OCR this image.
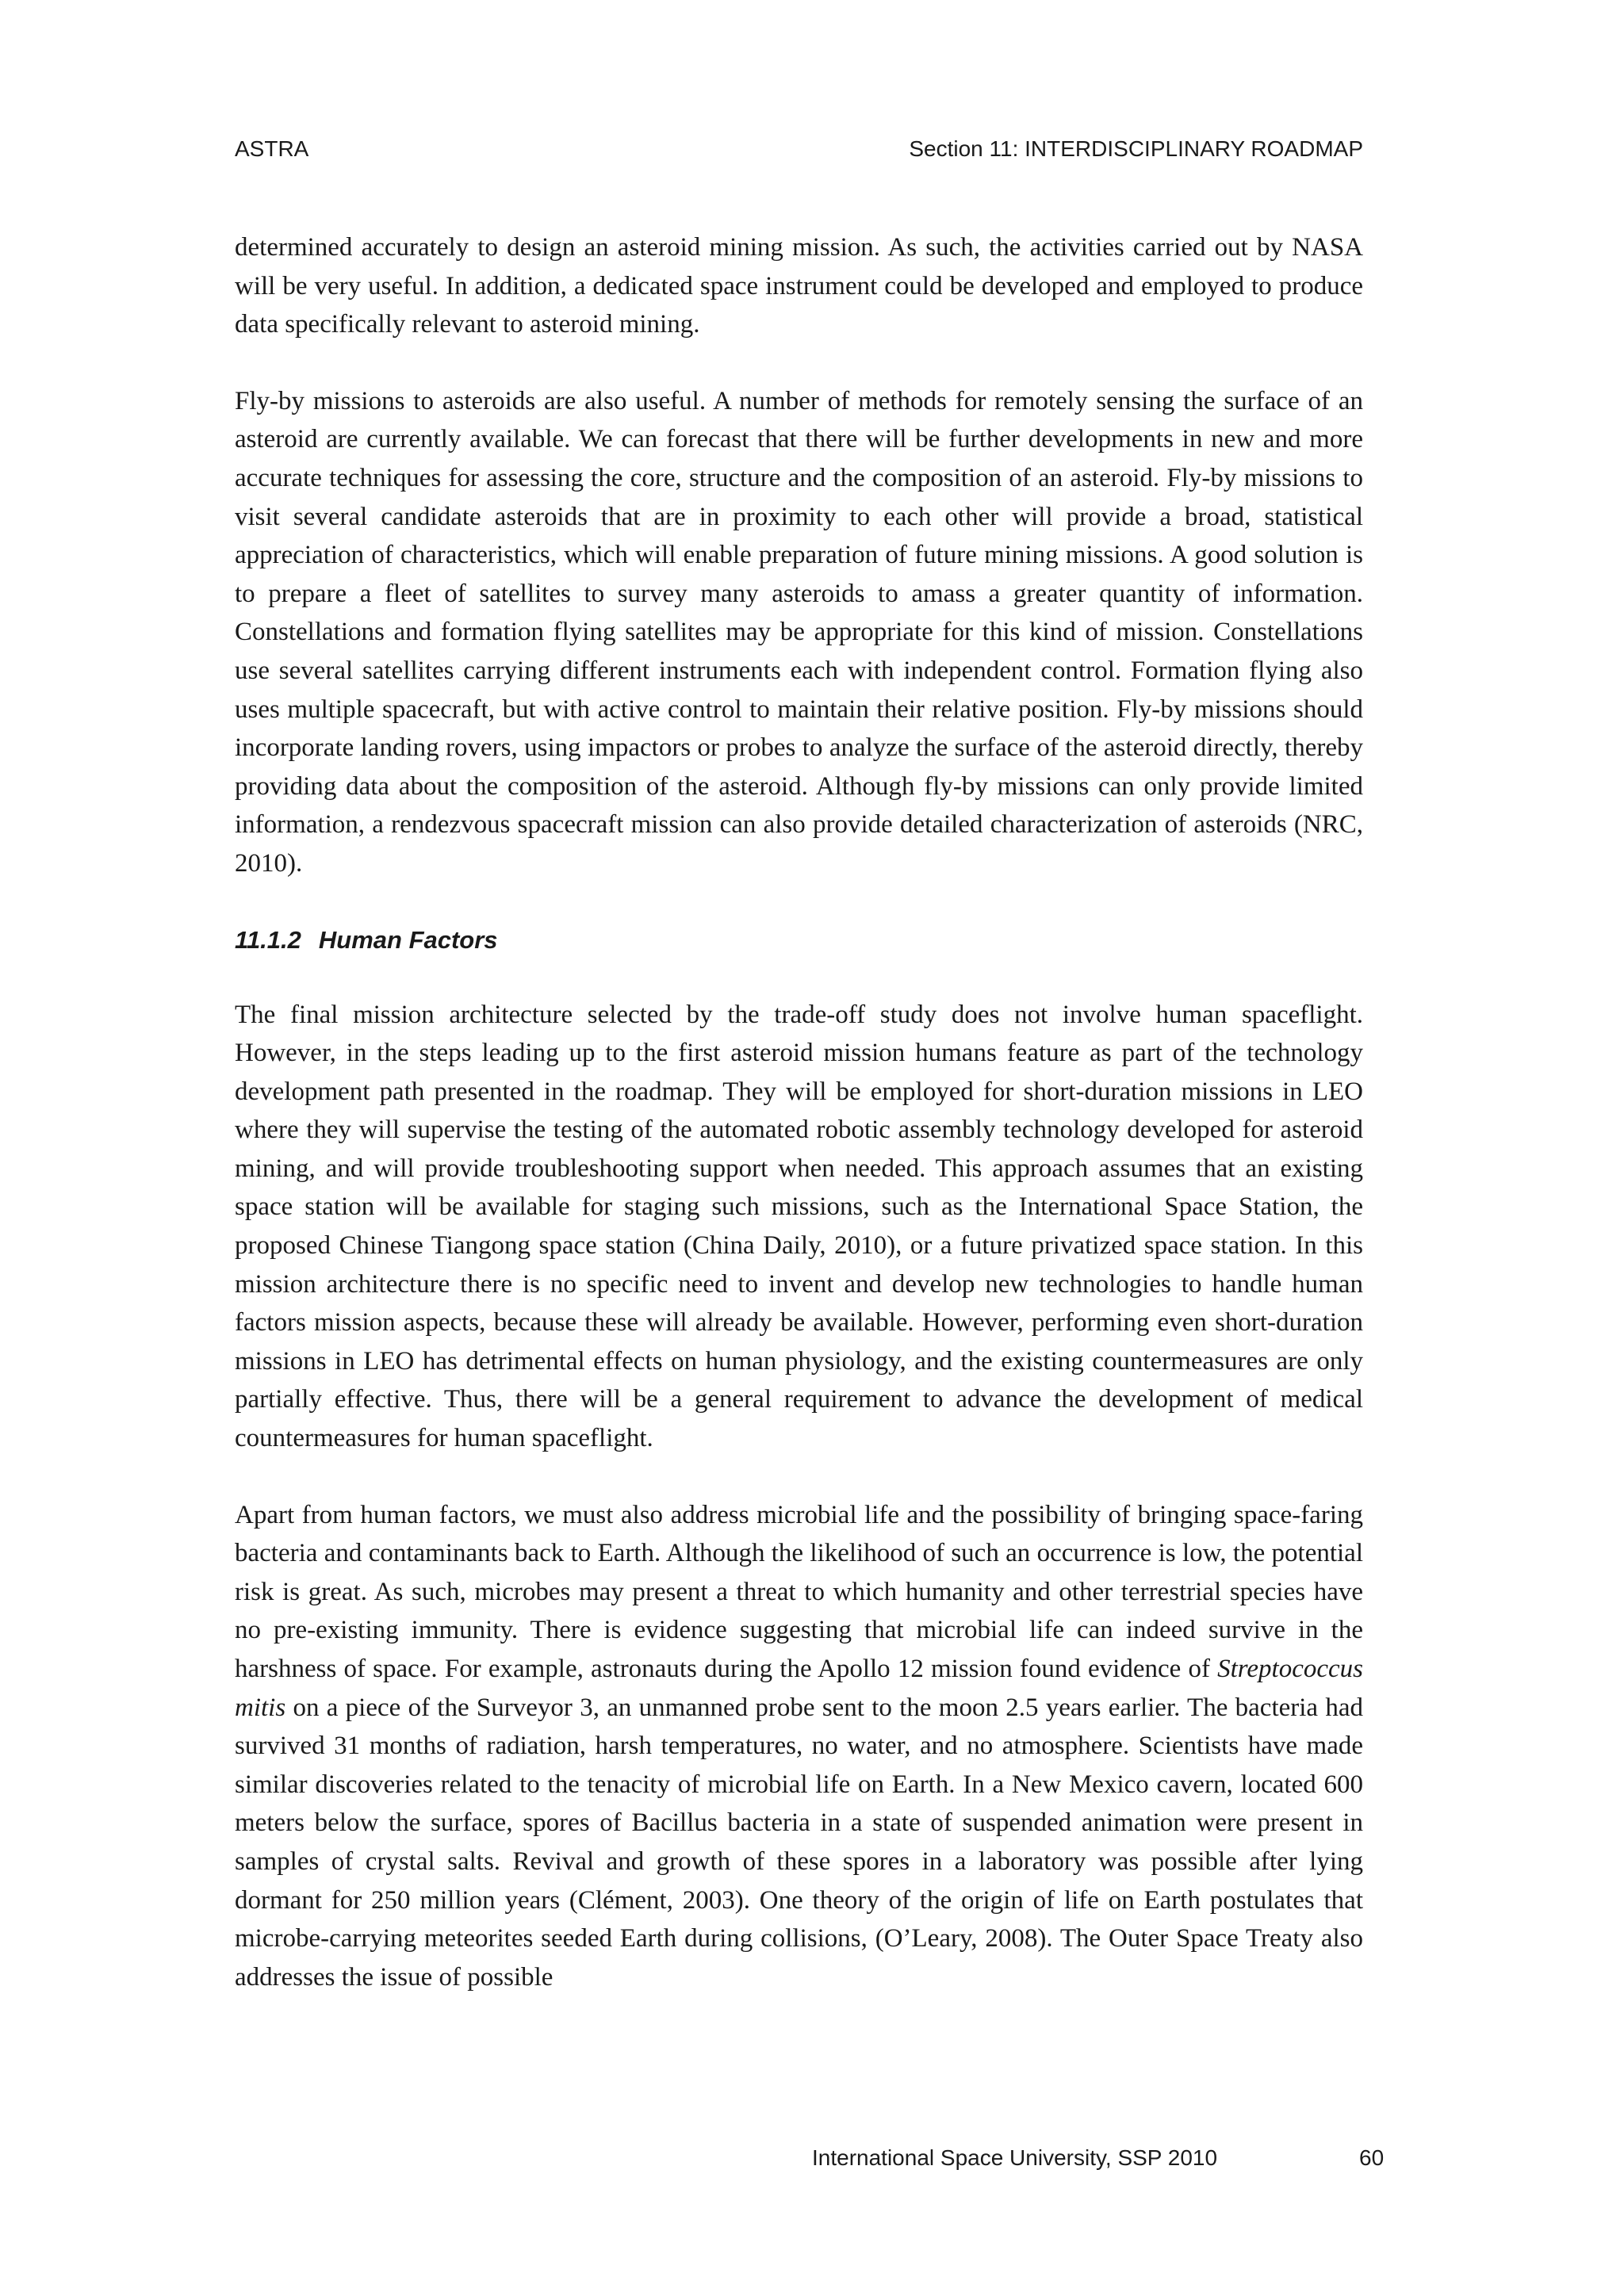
ASTRA	Section 11: INTERDISCIPLINARY ROADMAP

determined accurately to design an asteroid mining mission. As such, the activities carried out by NASA will be very useful. In addition, a dedicated space instrument could be developed and employed to produce data specifically relevant to asteroid mining.

Fly-by missions to asteroids are also useful. A number of methods for remotely sensing the surface of an asteroid are currently available. We can forecast that there will be further developments in new and more accurate techniques for assessing the core, structure and the composition of an asteroid. Fly-by missions to visit several candidate asteroids that are in proximity to each other will provide a broad, statistical appreciation of characteristics, which will enable preparation of future mining missions. A good solution is to prepare a fleet of satellites to survey many asteroids to amass a greater quantity of information. Constellations and formation flying satellites may be appropriate for this kind of mission. Constellations use several satellites carrying different instruments each with independent control. Formation flying also uses multiple spacecraft, but with active control to maintain their relative position. Fly-by missions should incorporate landing rovers, using impactors or probes to analyze the surface of the asteroid directly, thereby providing data about the composition of the asteroid. Although fly-by missions can only provide limited information, a rendezvous spacecraft mission can also provide detailed characterization of asteroids (NRC, 2010).

11.1.2 Human Factors

The final mission architecture selected by the trade-off study does not involve human spaceflight. However, in the steps leading up to the first asteroid mission humans feature as part of the technology development path presented in the roadmap. They will be employed for short-duration missions in LEO where they will supervise the testing of the automated robotic assembly technology developed for asteroid mining, and will provide troubleshooting support when needed. This approach assumes that an existing space station will be available for staging such missions, such as the International Space Station, the proposed Chinese Tiangong space station (China Daily, 2010), or a future privatized space station. In this mission architecture there is no specific need to invent and develop new technologies to handle human factors mission aspects, because these will already be available. However, performing even short-duration missions in LEO has detrimental effects on human physiology, and the existing countermeasures are only partially effective. Thus, there will be a general requirement to advance the development of medical countermeasures for human spaceflight.

Apart from human factors, we must also address microbial life and the possibility of bringing space-faring bacteria and contaminants back to Earth. Although the likelihood of such an occurrence is low, the potential risk is great. As such, microbes may present a threat to which humanity and other terrestrial species have no pre-existing immunity. There is evidence suggesting that microbial life can indeed survive in the harshness of space. For example, astronauts during the Apollo 12 mission found evidence of Streptococcus mitis on a piece of the Surveyor 3, an unmanned probe sent to the moon 2.5 years earlier. The bacteria had survived 31 months of radiation, harsh temperatures, no water, and no atmosphere. Scientists have made similar discoveries related to the tenacity of microbial life on Earth. In a New Mexico cavern, located 600 meters below the surface, spores of Bacillus bacteria in a state of suspended animation were present in samples of crystal salts. Revival and growth of these spores in a laboratory was possible after lying dormant for 250 million years (Clément, 2003). One theory of the origin of life on Earth postulates that microbe-carrying meteorites seeded Earth during collisions, (O’Leary, 2008). The Outer Space Treaty also addresses the issue of possible

International Space University, SSP 2010	60
